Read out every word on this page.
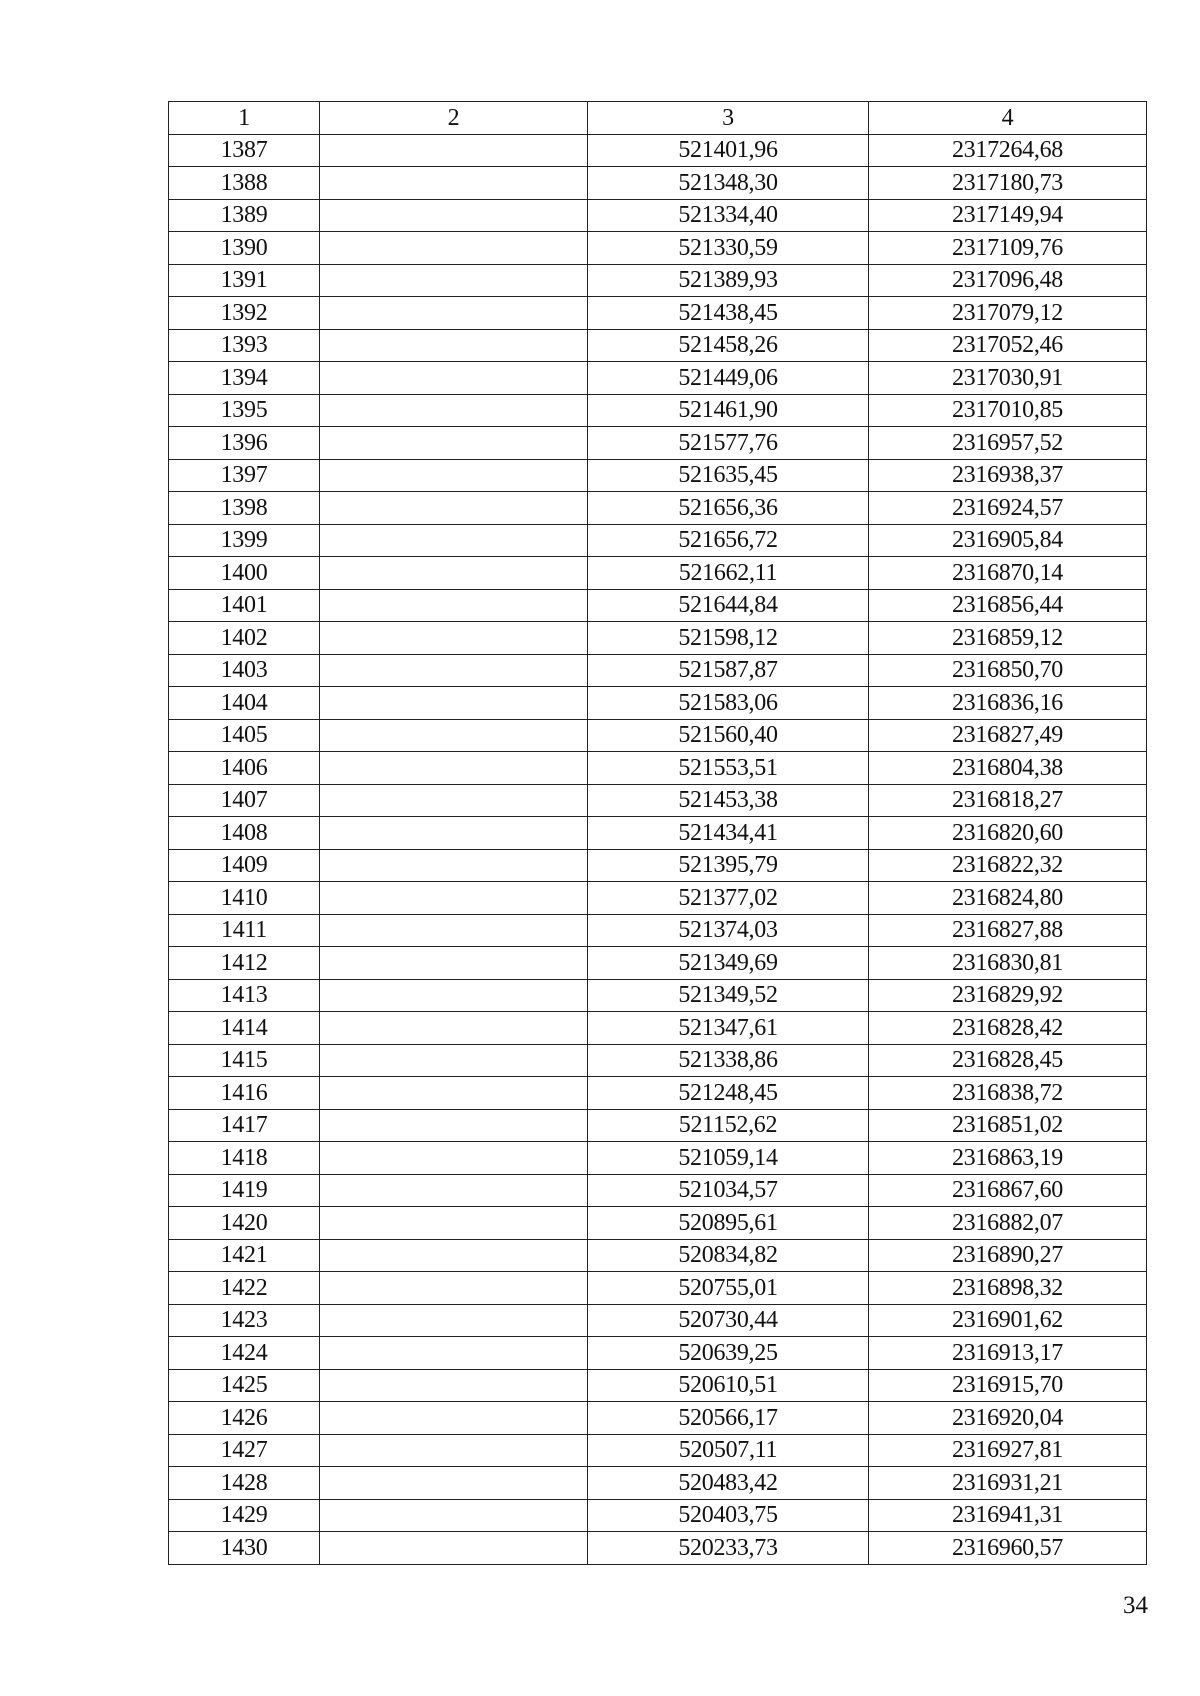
1	2	3	4
1387		521401,96	2317264,68
1388		521348,30	2317180,73
1389		521334,40	2317149,94
1390		521330,59	2317109,76
1391		521389,93	2317096,48
1392		521438,45	2317079,12
1393		521458,26	2317052,46
1394		521449,06	2317030,91
1395		521461,90	2317010,85
1396		521577,76	2316957,52
1397		521635,45	2316938,37
1398		521656,36	2316924,57
1399		521656,72	2316905,84
1400		521662,11	2316870,14
1401		521644,84	2316856,44
1402		521598,12	2316859,12
1403		521587,87	2316850,70
1404		521583,06	2316836,16
1405		521560,40	2316827,49
1406		521553,51	2316804,38
1407		521453,38	2316818,27
1408		521434,41	2316820,60
1409		521395,79	2316822,32
1410		521377,02	2316824,80
1411		521374,03	2316827,88
1412		521349,69	2316830,81
1413		521349,52	2316829,92
1414		521347,61	2316828,42
1415		521338,86	2316828,45
1416		521248,45	2316838,72
1417		521152,62	2316851,02
1418		521059,14	2316863,19
1419		521034,57	2316867,60
1420		520895,61	2316882,07
1421		520834,82	2316890,27
1422		520755,01	2316898,32
1423		520730,44	2316901,62
1424		520639,25	2316913,17
1425		520610,51	2316915,70
1426		520566,17	2316920,04
1427		520507,11	2316927,81
1428		520483,42	2316931,21
1429		520403,75	2316941,31
1430		520233,73	2316960,57
34
